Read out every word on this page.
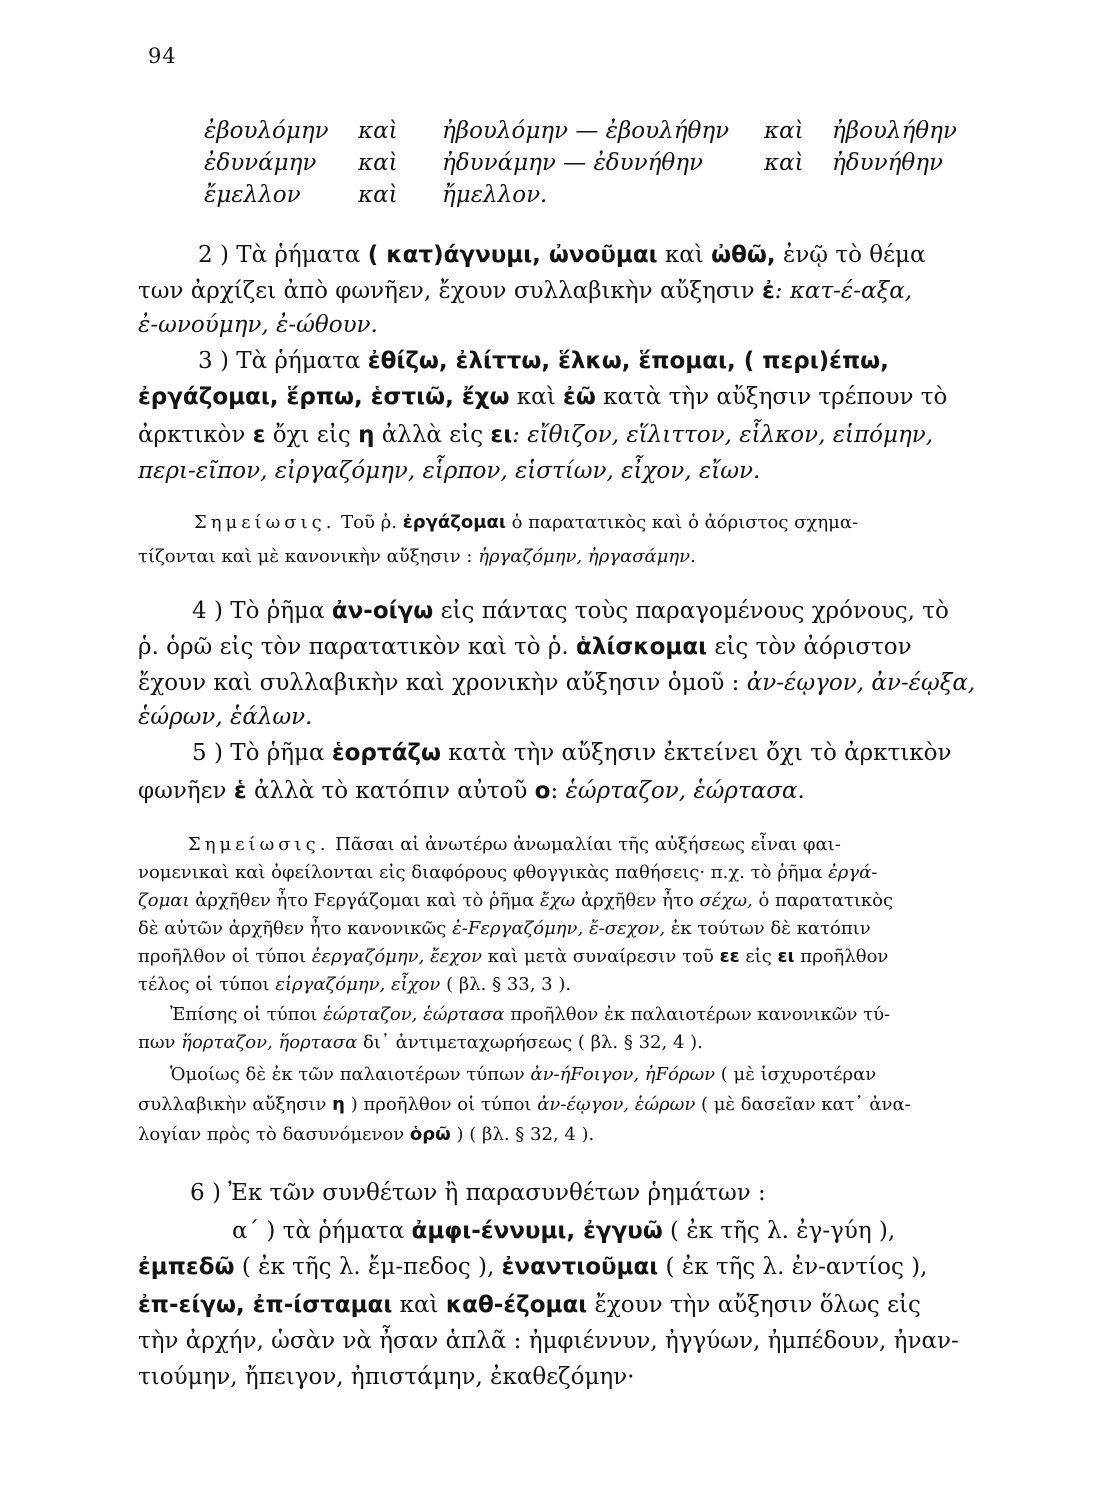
94
ἐβουλόμην καὶ ἠβουλόμην — ἐβουλήθην καὶ ἠβουλήθην
ἐδυνάμην καὶ ἠδυνάμην — ἐδυνήθην	καὶ ἠδυνήθην
ἔμελλον καὶ ἤμελλον.
2 ) Τὰ ῥήματα ( κατ)άγνυμι, ὠνοῦμαι καὶ ὠθῶ, ἐνῷ τὸ θέμα
των ἀρχίζει ἀπὸ φωνῆεν, ἔχουν συλλαβικὴν αὔξησιν ἐ: κατ-έ-αξα,
ἐ-ωνούμην, ἐ-ώθουν.
3 ) Τὰ ῥήματα ἐθίζω, ἐλίττω, ἕλκω, ἕπομαι, ( περι)έπω,
ἐργάζομαι, ἕρπω, ἑστιῶ, ἔχω καὶ ἐῶ κατὰ τὴν αὔξησιν τρέπουν τὸ
ἀρκτικὸν ε ὄχι εἰς η ἀλλὰ εἰς ει: εἴθιζον, εἵλιττον, εἷλκον, εἱπόμην,
περι-εῖπον, εἰργαζόμην, εἷρπον, εἱστίων, εἶχον, εἴων.
Σημείωσις. Τοῦ ῥ. ἐργάζομαι ὁ παρατατικὸς καὶ ὁ ἀόριστος σχημα-
τίζονται καὶ μὲ κανονικὴν αὔξησιν : ἠργαζόμην, ἠργασάμην.
4 ) Τὸ ῥῆμα ἀν-οίγω εἰς πάντας τοὺς παραγομένους χρόνους, τὸ
ῥ. ὁρῶ εἰς τὸν παρατατικὸν καὶ τὸ ῥ. ἁλίσκομαι εἰς τὸν ἀόριστον
ἔχουν καὶ συλλαβικὴν καὶ χρονικὴν αὔξησιν ὁμοῦ : ἀν-έῳγον, ἀν-έῳξα,
ἑώρων, ἑάλων.
5 ) Τὸ ῥῆμα ἑορτάζω κατὰ τὴν αὔξησιν ἐκτείνει ὄχι τὸ ἀρκτικὸν
φωνῆεν ἑ ἀλλὰ τὸ κατόπιν αὐτοῦ ο: ἑώρταζον, ἑώρτασα.
Σημείωσις. Πᾶσαι αἱ ἀνωτέρω ἀνωμαλίαι τῆς αὐξήσεως εἶναι φαι-
νομενικαὶ καὶ ὀφείλονται εἰς διαφόρους φθογγικὰς παθήσεις· π.χ. τὸ ῥῆμα ἐργά-
ζομαι ἀρχῆθεν ἦτο Fεργάζομαι καὶ τὸ ῥῆμα ἔχω ἀρχῆθεν ἦτο σέχω, ὁ παρατατικὸς
δὲ αὐτῶν ἀρχῆθεν ἦτο κανονικῶς ἐ-Fεργαζόμην, ἔ-σεχον, ἐκ τούτων δὲ κατόπιν
προῆλθον οἱ τύποι ἐεργαζόμην, ἔεχον καὶ μετὰ συναίρεσιν τοῦ εε εἰς ει προῆλθον
τέλος οἱ τύποι εἰργαζόμην, εἶχον ( βλ. § 33, 3 ).
Ἐπίσης οἱ τύποι ἑώρταζον, ἑώρτασα προῆλθον ἐκ παλαιοτέρων κανονικῶν τύ-
πων ἥορταζον, ἥορτασα δι᾿ ἀντιμεταχωρήσεως ( βλ. § 32, 4 ).
Ὁμοίως δὲ ἐκ τῶν παλαιοτέρων τύπων ἀν-ήFοιγον, ἠFόρων ( μὲ ἰσχυροτέραν
συλλαβικὴν αὔξησιν η ) προῆλθον οἱ τύποι ἀν-έῳγον, ἑώρων ( μὲ δασεῖαν κατ᾿ ἀνα-
λογίαν πρὸς τὸ δασυνόμενον ὁρῶ ) ( βλ. § 32, 4 ).
6 ) Ἐκ τῶν συνθέτων ἢ παρασυνθέτων ῥημάτων :
α΄ ) τὰ ῥήματα ἀμφι-έννυμι, ἐγγυῶ ( ἐκ τῆς λ. ἐγ-γύη ),
ἐμπεδῶ ( ἐκ τῆς λ. ἔμ-πεδος ), ἐναντιοῦμαι ( ἐκ τῆς λ. ἐν-αντίος ),
ἐπ-είγω, ἐπ-ίσταμαι καὶ καθ-έζομαι ἔχουν τὴν αὔξησιν ὅλως εἰς
τὴν ἀρχήν, ὡσὰν νὰ ἦσαν ἁπλᾶ : ἠμφιέννυν, ἠγγύων, ἠμπέδουν, ἠναν-
τιούμην, ἤπειγον, ἠπιστάμην, ἐκαθεζόμην·
